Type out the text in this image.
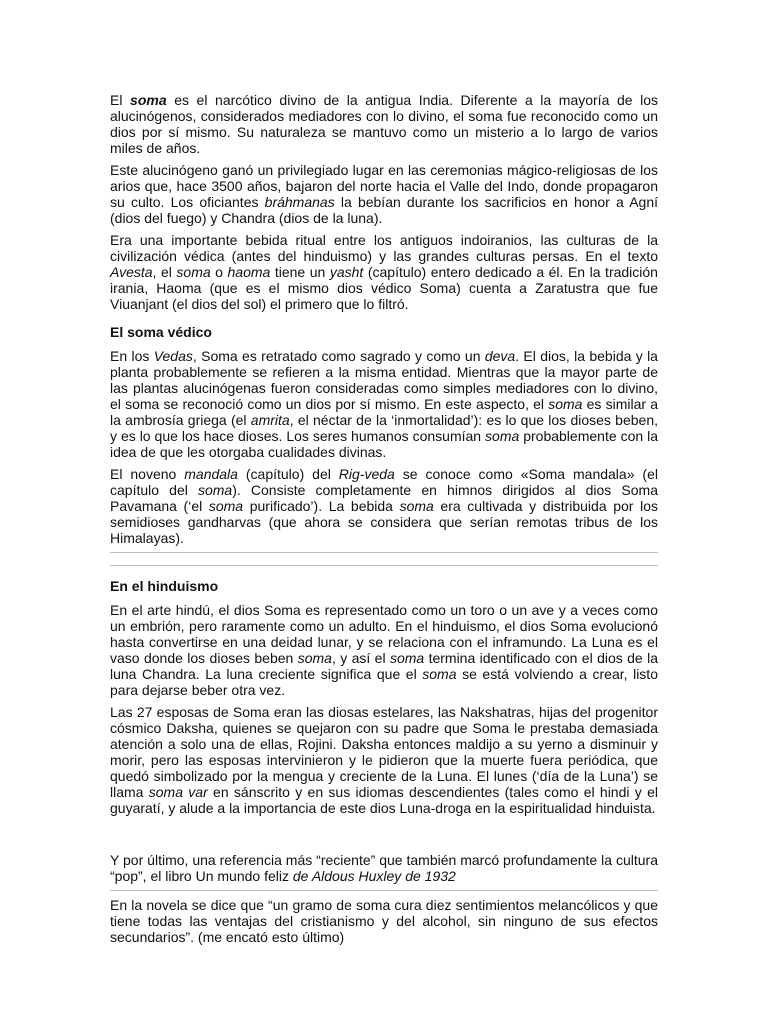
El soma es el narcótico divino de la antigua India. Diferente a la mayoría de los alucinógenos, considerados mediadores con lo divino, el soma fue reconocido como un dios por sí mismo. Su naturaleza se mantuvo como un misterio a lo largo de varios miles de años.

Este alucinógeno ganó un privilegiado lugar en las ceremonias mágico-religiosas de los arios que, hace 3500 años, bajaron del norte hacia el Valle del Indo, donde propagaron su culto. Los oficiantes bráhmanas la bebían durante los sacrificios en honor a Agní (dios del fuego) y Chandra (dios de la luna).

Era una importante bebida ritual entre los antiguos indoiranios, las culturas de la civilización védica (antes del hinduismo) y las grandes culturas persas. En el texto Avesta, el soma o haoma tiene un yasht (capítulo) entero dedicado a él. En la tradición irania, Haoma (que es el mismo dios védico Soma) cuenta a Zaratustra que fue Viuanjant (el dios del sol) el primero que lo filtró.

El soma védico

En los Vedas, Soma es retratado como sagrado y como un deva. El dios, la bebida y la planta probablemente se refieren a la misma entidad. Mientras que la mayor parte de las plantas alucinógenas fueron consideradas como simples mediadores con lo divino, el soma se reconoció como un dios por sí mismo. En este aspecto, el soma es similar a la ambrosía griega (el amrita, el néctar de la ‘inmortalidad’): es lo que los dioses beben, y es lo que los hace dioses. Los seres humanos consumían soma probablemente con la idea de que les otorgaba cualidades divinas.

El noveno mandala (capítulo) del Rig-veda se conoce como «Soma mandala» (el capítulo del soma). Consiste completamente en himnos dirigidos al dios Soma Pavamana (‘el soma purificado’). La bebida soma era cultivada y distribuida por los semidioses gandharvas (que ahora se considera que serían remotas tribus de los Himalayas).

En el hinduismo

En el arte hindú, el dios Soma es representado como un toro o un ave y a veces como un embrión, pero raramente como un adulto. En el hinduismo, el dios Soma evolucionó hasta convertirse en una deidad lunar, y se relaciona con el inframundo. La Luna es el vaso donde los dioses beben soma, y así el soma termina identificado con el dios de la luna Chandra. La luna creciente significa que el soma se está volviendo a crear, listo para dejarse beber otra vez.

Las 27 esposas de Soma eran las diosas estelares, las Nakshatras, hijas del progenitor cósmico Daksha, quienes se quejaron con su padre que Soma le prestaba demasiada atención a solo una de ellas, Rojini. Daksha entonces maldijo a su yerno a disminuir y morir, pero las esposas intervinieron y le pidieron que la muerte fuera periódica, que quedó simbolizado por la mengua y creciente de la Luna. El lunes (‘día de la Luna’) se llama soma var en sánscrito y en sus idiomas descendientes (tales como el hindi y el guyaratí, y alude a la importancia de este dios Luna-droga en la espiritualidad hinduista.

Y por último, una referencia más “reciente” que también marcó profundamente la cultura “pop”, el libro Un mundo feliz de Aldous Huxley de 1932

En la novela se dice que “un gramo de soma cura diez sentimientos melancólicos y que tiene todas las ventajas del cristianismo y del alcohol, sin ninguno de sus efectos secundarios”. (me encató esto último)
